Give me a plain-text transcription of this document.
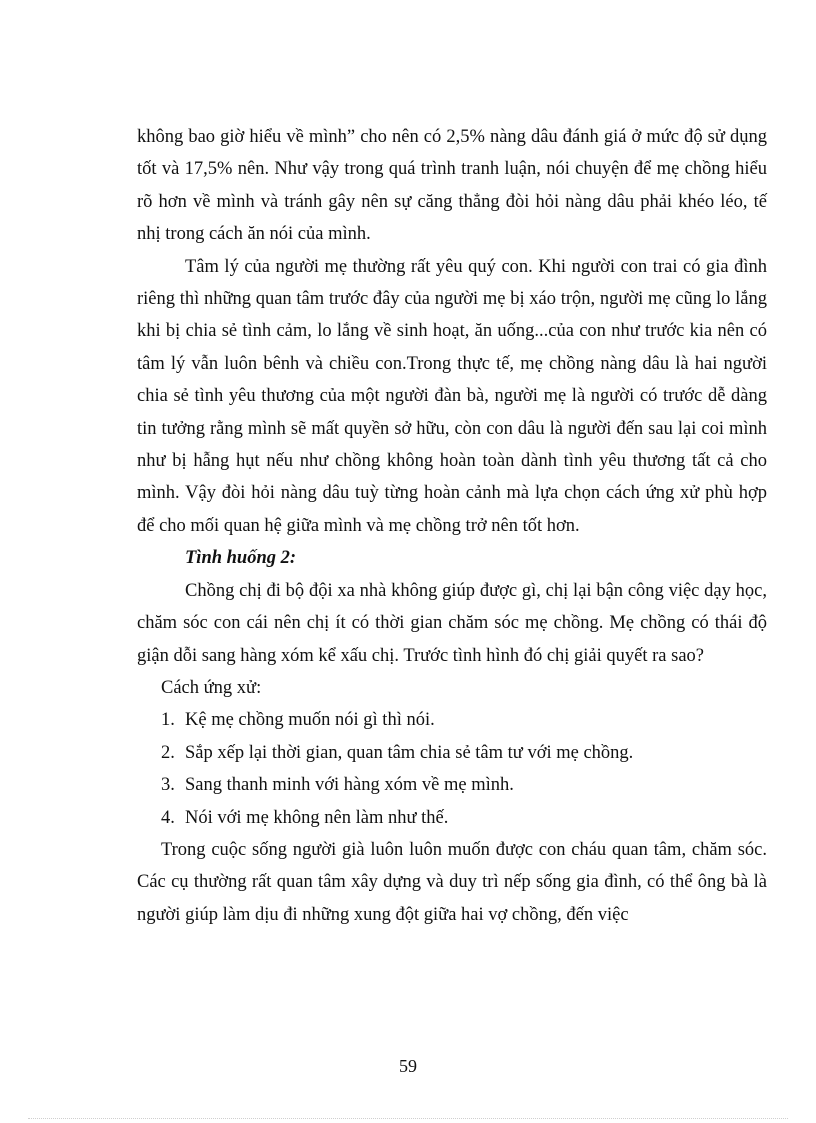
không bao giờ hiểu về mình” cho nên có 2,5% nàng dâu đánh giá ở mức độ sử dụng tốt và 17,5% nên. Như vậy trong quá trình tranh luận, nói chuyện để mẹ chồng hiểu rõ hơn về mình và tránh gây nên sự căng thẳng đòi hỏi nàng dâu phải khéo léo, tế nhị trong cách ăn nói của mình.

Tâm lý của người mẹ thường rất yêu quý con. Khi người con trai có gia đình riêng thì những quan tâm trước đây của người mẹ bị xáo trộn, người mẹ cũng lo lắng khi bị chia sẻ tình cảm, lo lắng về sinh hoạt, ăn uống...của con như trước kia nên có tâm lý vẫn luôn bênh và chiều con.Trong thực tế, mẹ chồng nàng dâu là hai người chia sẻ tình yêu thương của một người đàn bà, người mẹ là người có trước dễ dàng tin tưởng rằng mình sẽ mất quyền sở hữu, còn con dâu là người đến sau lại coi mình như bị hẫng hụt nếu như chồng không hoàn toàn dành tình yêu thương tất cả cho mình. Vậy đòi hỏi nàng dâu tuỳ từng hoàn cảnh mà lựa chọn cách ứng xử phù hợp để cho mối quan hệ giữa mình và mẹ chồng trở nên tốt hơn.

Tình huống 2:

Chồng chị đi bộ đội xa nhà không giúp được gì, chị lại bận công việc dạy học, chăm sóc con cái nên chị ít có thời gian chăm sóc mẹ chồng. Mẹ chồng có thái độ giận dỗi sang hàng xóm kể xấu chị. Trước tình hình đó chị giải quyết ra sao?

Cách ứng xử:

1. Kệ mẹ chồng muốn nói gì thì nói.
2. Sắp xếp lại thời gian, quan tâm chia sẻ tâm tư với mẹ chồng.
3. Sang thanh minh với hàng xóm về mẹ mình.
4. Nói với mẹ không nên làm như thế.

Trong cuộc sống người già luôn luôn muốn được con cháu quan tâm, chăm sóc. Các cụ thường rất quan tâm xây dựng và duy trì nếp sống gia đình, có thể ông bà là người giúp làm dịu đi những xung đột giữa hai vợ chồng, đến việc

59
